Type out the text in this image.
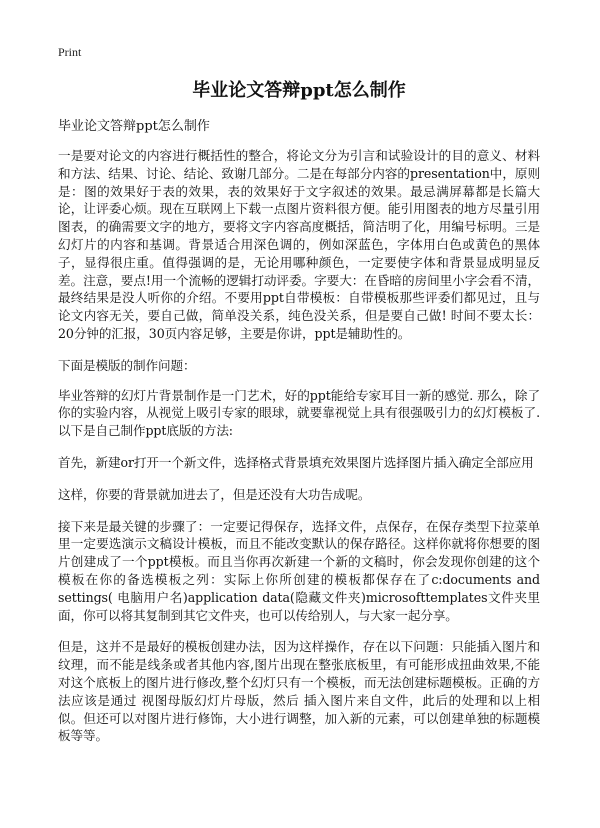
Print
毕业论文答辩ppt怎么制作
毕业论文答辩ppt怎么制作

一是要对论文的内容进行概括性的整合，将论文分为引言和试验设计的目的意义、材料和方法、结果、讨论、结论、致谢几部分。二是在每部分内容的presentation中，原则是：图的效果好于表的效果，表的效果好于文字叙述的效果。最忌满屏幕都是长篇大论，让评委心烦。现在互联网上下载一点图片资料很方便。能引用图表的地方尽量引用图表，的确需要文字的地方，要将文字内容高度概括，简洁明了化，用编号标明。三是幻灯片的内容和基调。背景适合用深色调的，例如深蓝色，字体用白色或黄色的黑体子，显得很庄重。值得强调的是，无论用哪种颜色，一定要使字体和背景显成明显反差。注意，要点!用一个流畅的逻辑打动评委。字要大：在昏暗的房间里小字会看不清，最终结果是没人听你的介绍。不要用ppt自带模板：自带模板那些评委们都见过，且与论文内容无关，要自己做，简单没关系，纯色没关系，但是要自己做! 时间不要太长：20分钟的汇报，30页内容足够，主要是你讲，ppt是辅助性的。

下面是模版的制作问题：

毕业答辩的幻灯片背景制作是一门艺术，好的ppt能给专家耳目一新的感觉. 那么，除了你的实验内容，从视觉上吸引专家的眼球，就要靠视觉上具有很强吸引力的幻灯模板了. 以下是自己制作ppt底版的方法:

首先，新建or打开一个新文件，选择格式背景填充效果图片选择图片插入确定全部应用

这样，你要的背景就加进去了，但是还没有大功告成呢。

接下来是最关键的步骤了：一定要记得保存，选择文件，点保存，在保存类型下拉菜单里一定要选演示文稿设计模板，而且不能改变默认的保存路径。这样你就将你想要的图片创建成了一个ppt模板。而且当你再次新建一个新的文稿时，你会发现你创建的这个模板在你的备选模板之列：实际上你所创建的模板都保存在了c:documents and settings( 电脑用户名)application data(隐藏文件夹)microsofttemplates文件夹里面，你可以将其复制到其它文件夹，也可以传给别人，与大家一起分享。

但是，这并不是最好的模板创建办法，因为这样操作，存在以下问题：只能插入图片和纹理，而不能是线条或者其他内容,图片出现在整张底板里，有可能形成扭曲效果,不能对这个底板上的图片进行修改,整个幻灯只有一个模板，而无法创建标题模板。正确的方法应该是通过 视图母版幻灯片母版，然后 插入图片来自文件，此后的处理和以上相似。但还可以对图片进行修饰，大小进行调整，加入新的元素，可以创建单独的标题模板等等。
